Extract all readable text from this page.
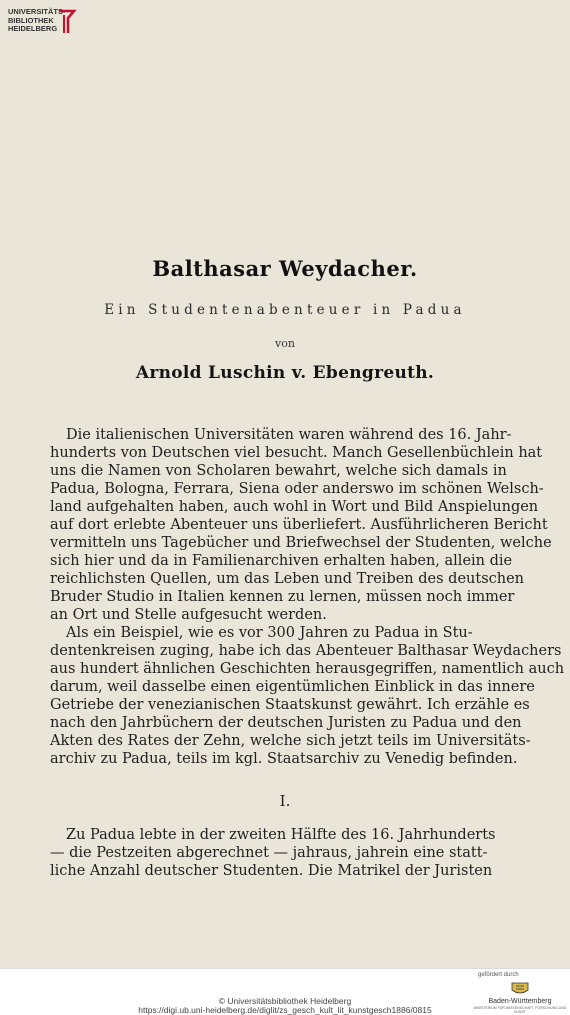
Balthasar Weydacher.
Ein Studentenabenteuer in Padua
von
Arnold Luschin v. Ebengreuth.
Die italienischen Universitäten waren während des 16. Jahr-
hunderts von Deutschen viel besucht. Manch Gesellenbüchlein hat
uns die Namen von Scholaren bewahrt, welche sich damals in
Padua, Bologna, Ferrara, Siena oder anderswo im schönen Welsch-
land aufgehalten haben, auch wohl in Wort und Bild Anspielungen
auf dort erlebte Abenteuer uns überliefert. Ausführlicheren Bericht
vermitteln uns Tagebücher und Briefwechsel der Studenten, welche
sich hier und da in Familienarchiven erhalten haben, allein die
reichlichsten Quellen, um das Leben und Treiben des deutschen
Bruder Studio in Italien kennen zu lernen, müssen noch immer
an Ort und Stelle aufgesucht werden.
Als ein Beispiel, wie es vor 300 Jahren zu Padua in Stu-
dentenkreisen zuging, habe ich das Abenteuer Balthasar Weydachers
aus hundert ähnlichen Geschichten herausgegriffen, namentlich auch
darum, weil dasselbe einen eigentümlichen Einblick in das innere
Getriebe der venezianischen Staatskunst gewährt. Ich erzähle es
nach den Jahrbüchern der deutschen Juristen zu Padua und den
Akten des Rates der Zehn, welche sich jetzt teils im Universitäts-
archiv zu Padua, teils im kgl. Staatsarchiv zu Venedig befinden.
I.
Zu Padua lebte in der zweiten Hälfte des 16. Jahrhunderts
— die Pestzeiten abgerechnet — jahraus, jahrein eine statt-
liche Anzahl deutscher Studenten. Die Matrikel der Juristen
UNIVERSITÄTS-
BIBLIOTHEK
HEIDELBERG
© Universitätsbibliothek Heidelberg
https://digi.ub.uni-heidelberg.de/diglit/zs_gesch_kult_lit_kunstgesch1886/0815
gefördert durch
Baden-Württemberg
MINISTERIUM FÜR WISSENSCHAFT, FORSCHUNG UND KUNST
